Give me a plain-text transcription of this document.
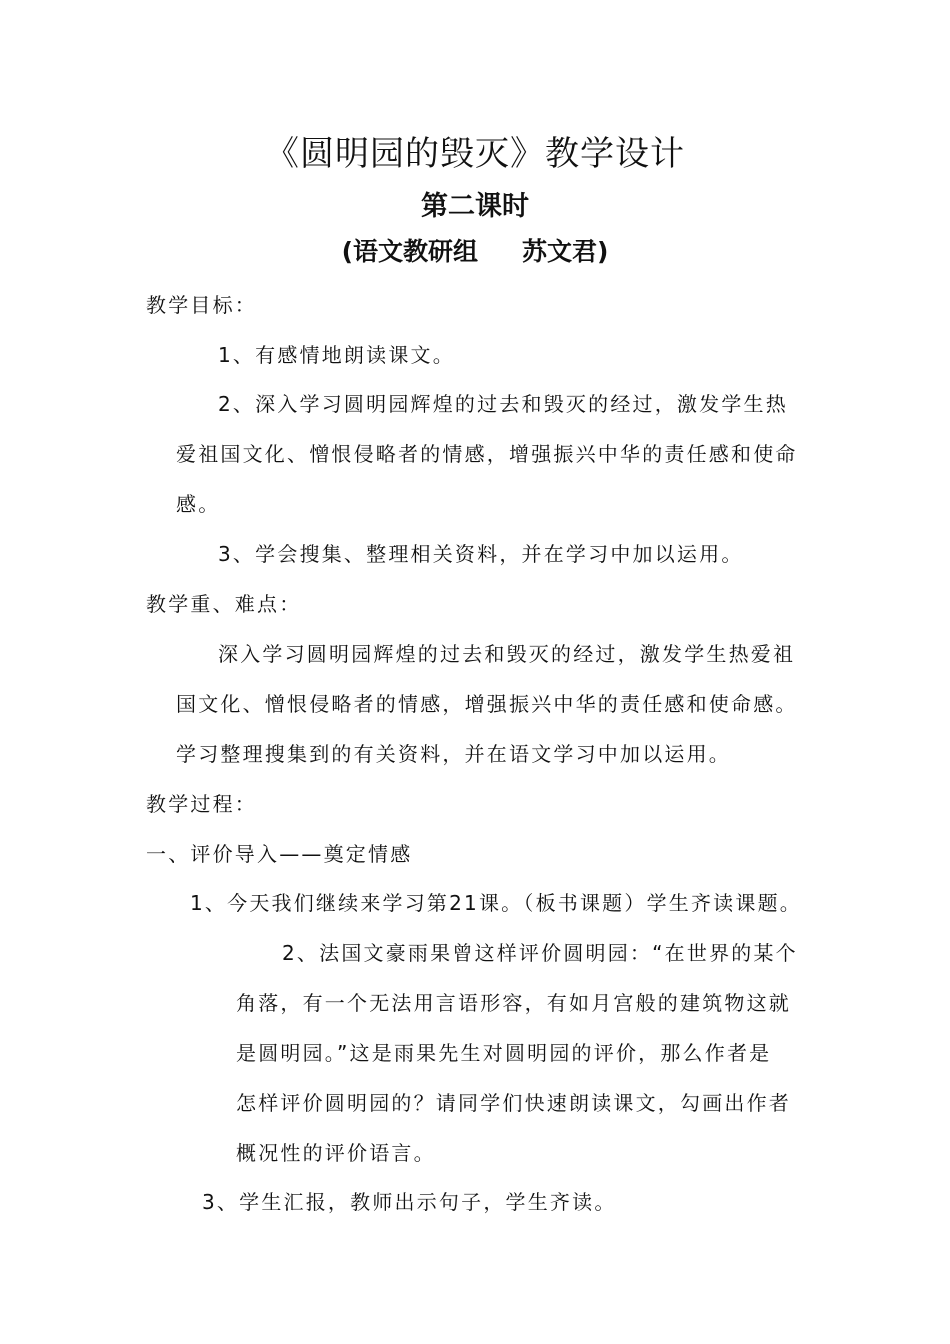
《圆明园的毁灭》教学设计
第二课时
(语文教研组 苏文君)
教学目标：
1、有感情地朗读课文。
2、深入学习圆明园辉煌的过去和毁灭的经过，激发学生热
爱祖国文化、憎恨侵略者的情感，增强振兴中华的责任感和使命
感。
3、学会搜集、整理相关资料，并在学习中加以运用。
教学重、难点：
深入学习圆明园辉煌的过去和毁灭的经过，激发学生热爱祖
国文化、憎恨侵略者的情感，增强振兴中华的责任感和使命感。
学习整理搜集到的有关资料，并在语文学习中加以运用。
教学过程：
一、评价导入——奠定情感
1、今天我们继续来学习第21课。（板书课题）学生齐读课题。
2、法国文豪雨果曾这样评价圆明园：“在世界的某个
角落，有一个无法用言语形容，有如月宫般的建筑物这就
是圆明园。”这是雨果先生对圆明园的评价，那么作者是
怎样评价圆明园的？请同学们快速朗读课文，勾画出作者
概况性的评价语言。
3、学生汇报，教师出示句子，学生齐读。
